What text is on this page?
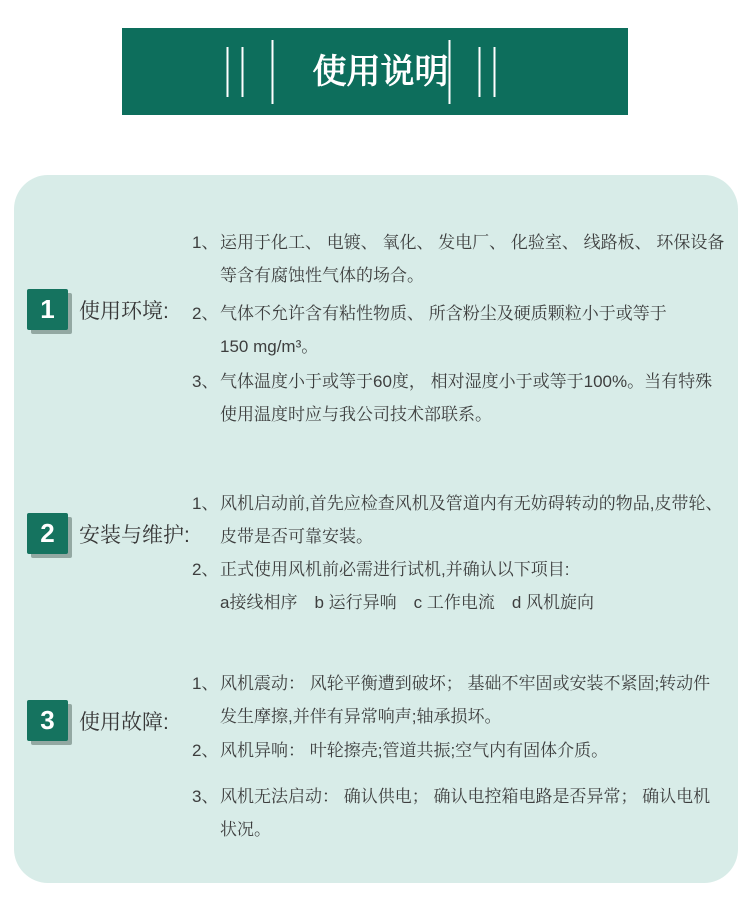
使用说明
1	使用环境:
1、 运用于化工、 电镀、 氧化、 发电厂、 化验室、 线路板、 环保设备
等含有腐蚀性气体的场合。
2、 气体不允许含有粘性物质、 所含粉尘及硬质颗粒小于或等于
150 mg/m³。
3、 气体温度小于或等于60度， 相对湿度小于或等于100%。当有特殊
使用温度时应与我公司技术部联系。
2	安装与维护:
1、 风机启动前,首先应检查风机及管道内有无妨碍转动的物品,皮带轮、
皮带是否可靠安装。
2、 正式使用风机前必需进行试机,并确认以下项目:
a接线相序　b 运行异响　c 工作电流　d 风机旋向
3	使用故障:
1、 风机震动： 风轮平衡遭到破坏； 基础不牢固或安装不紧固;转动件
发生摩擦,并伴有异常响声;轴承损坏。
2、 风机异响： 叶轮擦壳;管道共振;空气内有固体介质。
3、 风机无法启动： 确认供电； 确认电控箱电路是否异常； 确认电机
状况。
